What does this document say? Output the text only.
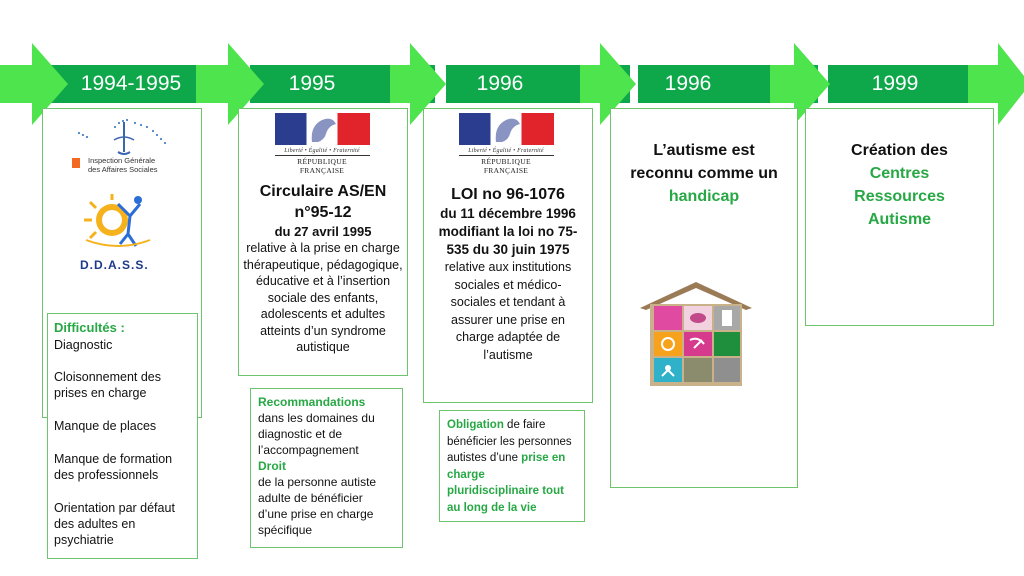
1994-1995	1995	1996	1996	1999
Inspection Générale
des Affaires Sociales
D.D.A.S.S.
Difficultés :

Diagnostic

Cloisonnement des prises en charge

Manque de places

Manque de formation des professionnels

Orientation par défaut des adultes en psychiatrie

Circulaire AS/EN
n°95-12
du 27 avril 1995
relative à la prise en charge thérapeutique, pédagogique, éducative et à l’insertion sociale des enfants, adolescents et adultes atteints d’un syndrome autistique
Liberté • Égalité • Fraternité
RÉPUBLIQUE FRANÇAISE
Recommandations
dans les domaines du diagnostic et de l’accompagnement
Droit
de la personne autiste adulte de bénéficier d’une prise en charge spécifique
LOI no 96-1076
du 11 décembre 1996 modifiant la loi no 75-535 du 30 juin 1975
relative aux institutions sociales et médico-sociales et tendant à assurer une prise en charge adaptée de l’autisme
Liberté • Égalité • Fraternité
RÉPUBLIQUE FRANÇAISE
Obligation de faire bénéficier les personnes autistes d’une prise en charge pluridisciplinaire tout au long de la vie
L’autisme est reconnu comme un
handicap
Création des
Centres Ressources Autisme
